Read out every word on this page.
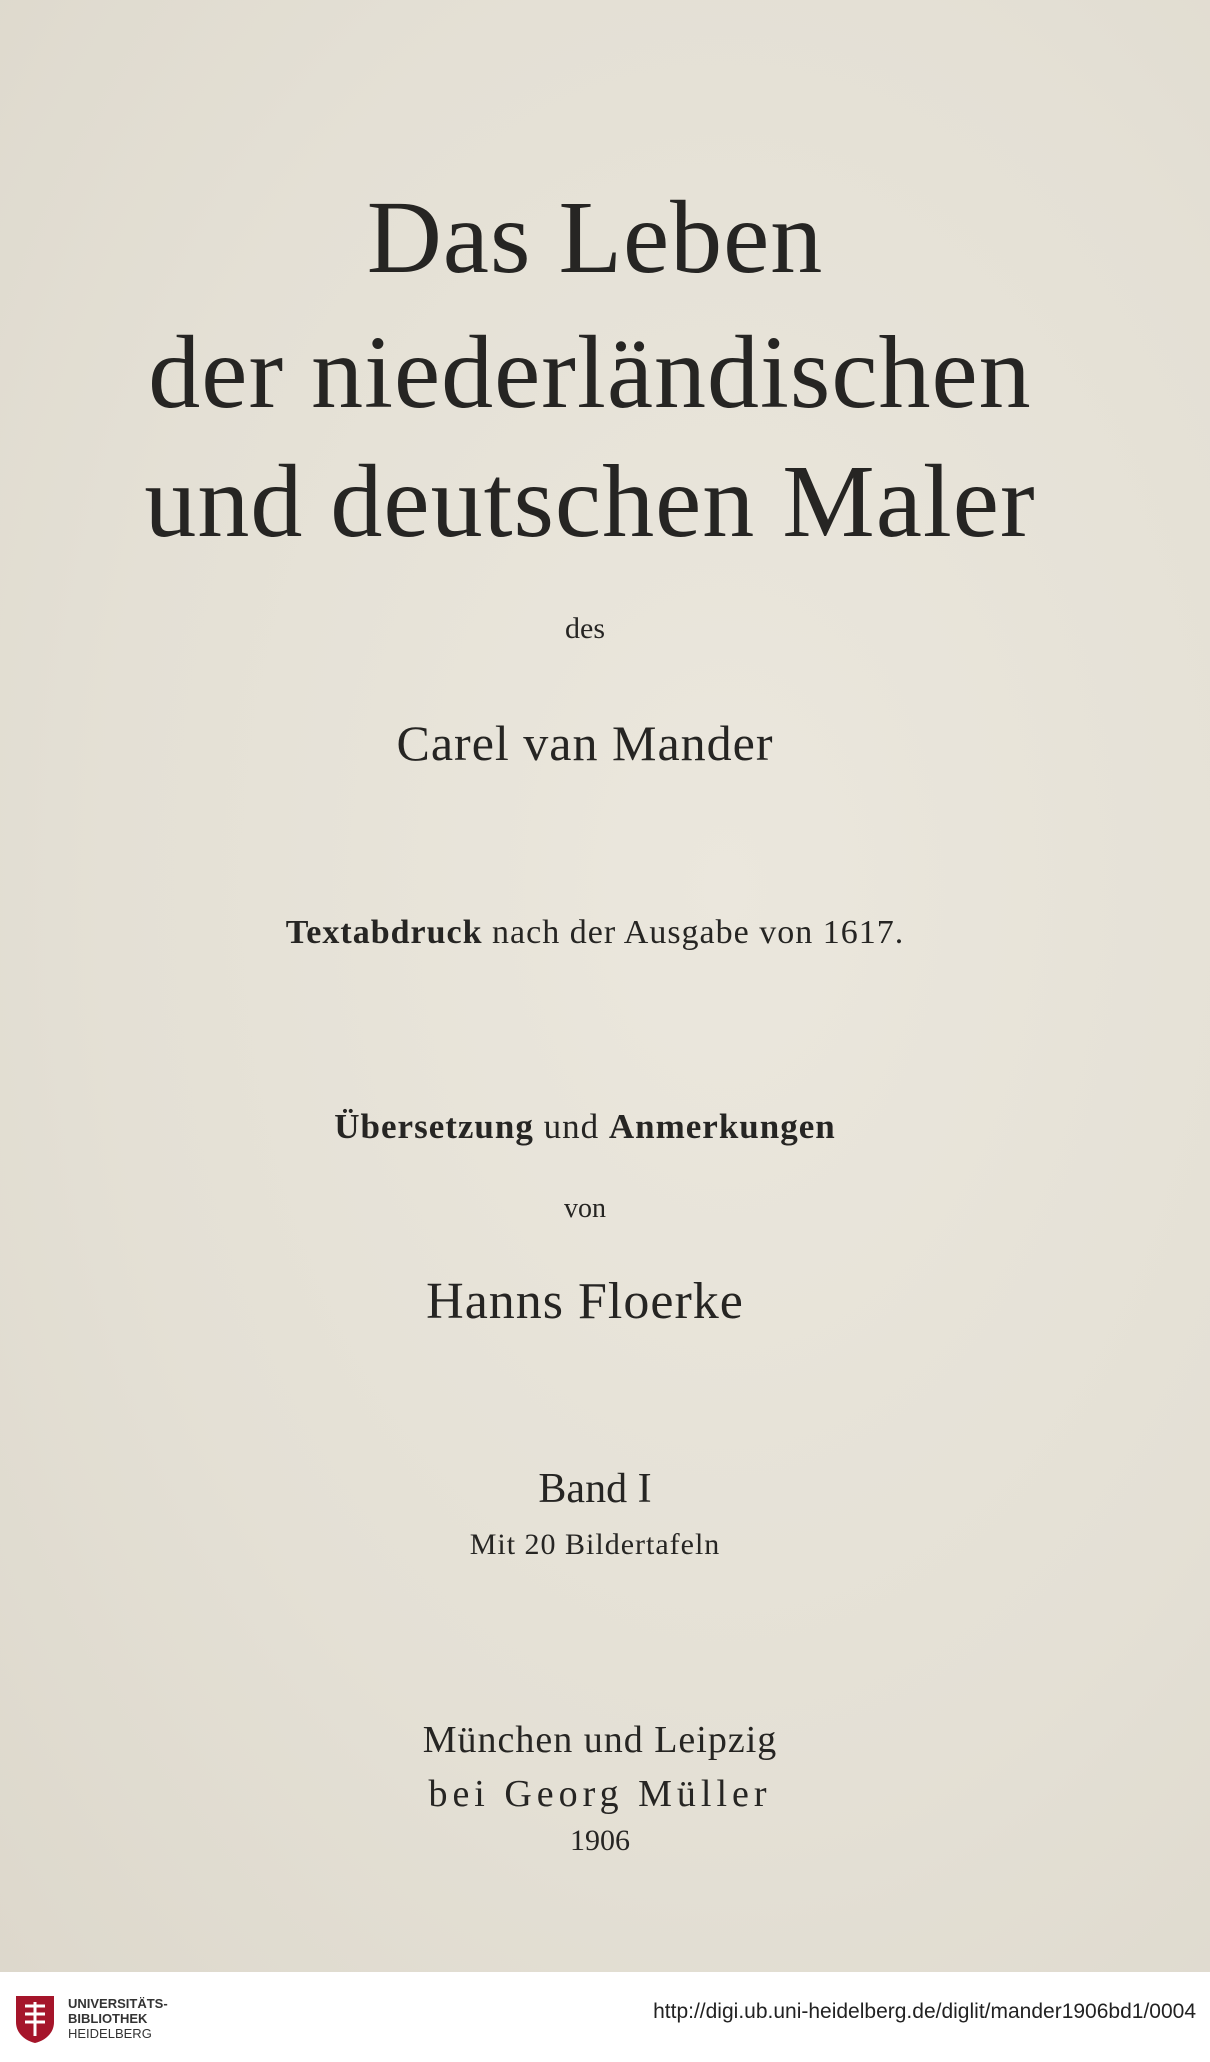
Das Leben
der niederländischen
und deutschen Maler
des
Carel van Mander
Textabdruck nach der Ausgabe von 1617.
Übersetzung und Anmerkungen
von
Hanns Floerke
Band I
Mit 20 Bildertafeln
München und Leipzig
bei Georg Müller
1906
UNIVERSITÄTS-
BIBLIOTHEK
HEIDELBERG
http://digi.ub.uni-heidelberg.de/diglit/mander1906bd1/0004
